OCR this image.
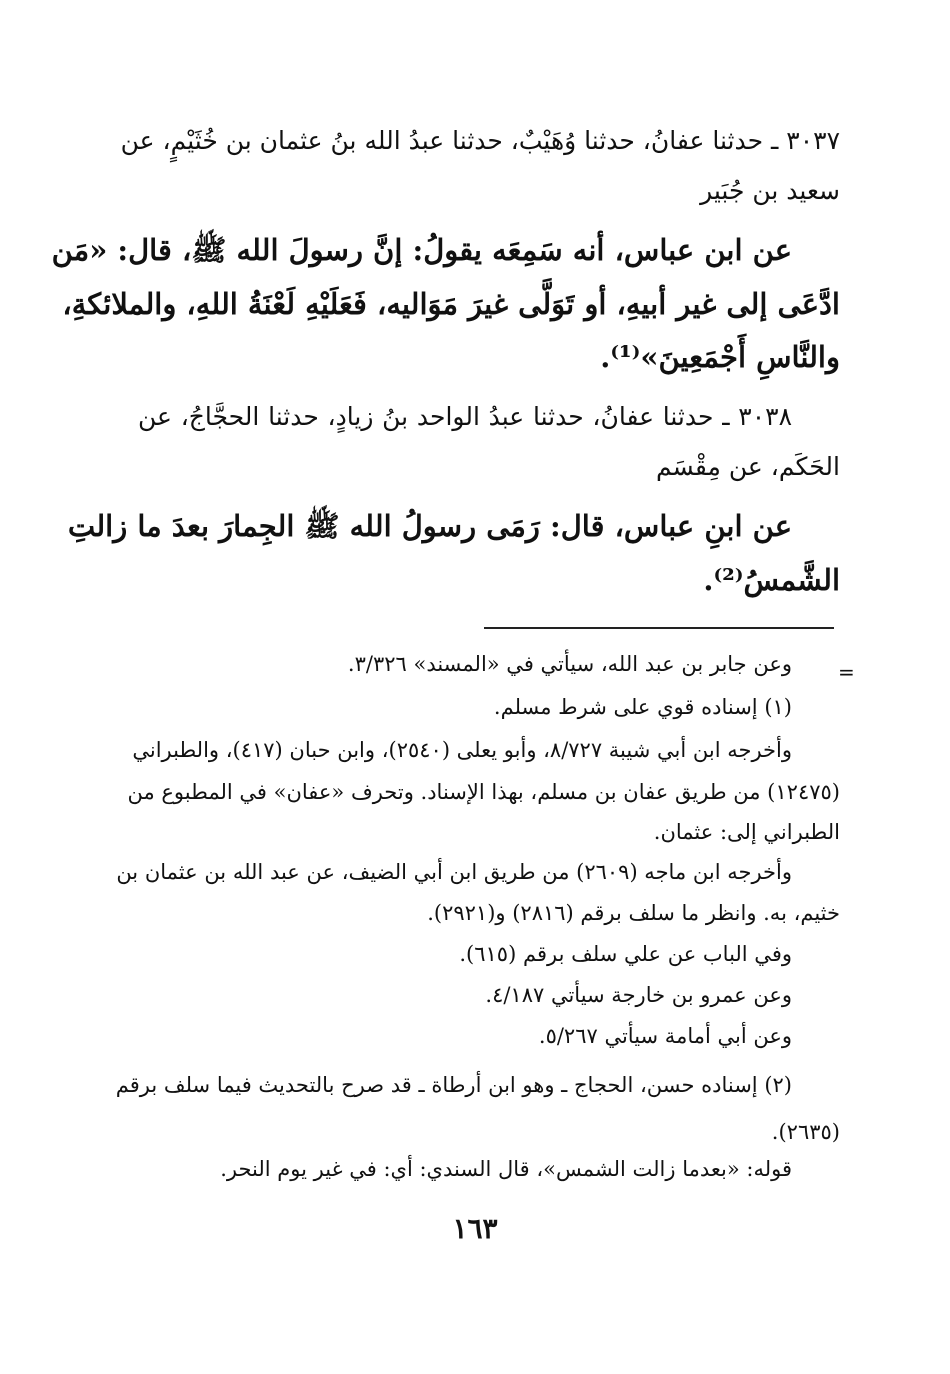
٣٠٣٧ ـ حدثنا عفانُ، حدثنا وُهَيْبٌ، حدثنا عبدُ الله بنُ عثمان بن خُثَيْمٍ، عن
سعيد بن جُبَير
عن ابن عباس، أنه سَمِعَه يقولُ: إنَّ رسولَ الله ﷺ، قال: «مَن
ادَّعَى إلى غير أبيهِ، أو تَوَلَّى غيرَ مَوَاليه، فَعَلَيْهِ لَعْنَةُ اللهِ، والملائكةِ،
والنَّاسِ أَجْمَعِينَ»⁽¹⁾.
٣٠٣٨ ـ حدثنا عفانُ، حدثنا عبدُ الواحد بنُ زيادٍ، حدثنا الحجَّاجُ، عن
الحَكَم، عن مِقْسَم
عن ابنِ عباس، قال: رَمَى رسولُ الله ﷺ الجِمارَ بعدَ ما زالتِ
الشَّمسُ⁽²⁾.
=
وعن جابر بن عبد الله، سيأتي في «المسند» ٣/٣٢٦.
(١) إسناده قوي على شرط مسلم.
وأخرجه ابن أبي شيبة ٨/٧٢٧، وأبو يعلى (٢٥٤٠)، وابن حبان (٤١٧)، والطبراني
(١٢٤٧٥) من طريق عفان بن مسلم، بهذا الإسناد. وتحرف «عفان» في المطبوع من
الطبراني إلى: عثمان.
وأخرجه ابن ماجه (٢٦٠٩) من طريق ابن أبي الضيف، عن عبد الله بن عثمان بن
خثيم، به. وانظر ما سلف برقم (٢٨١٦) و(٢٩٢١).
وفي الباب عن علي سلف برقم (٦١٥).
وعن عمرو بن خارجة سيأتي ٤/١٨٧.
وعن أبي أمامة سيأتي ٥/٢٦٧.
(٢) إسناده حسن، الحجاج ـ وهو ابن أرطاة ـ قد صرح بالتحديث فيما سلف برقم
(٢٦٣٥).
قوله: «بعدما زالت الشمس»، قال السندي: أي: في غير يوم النحر.
١٦٣
